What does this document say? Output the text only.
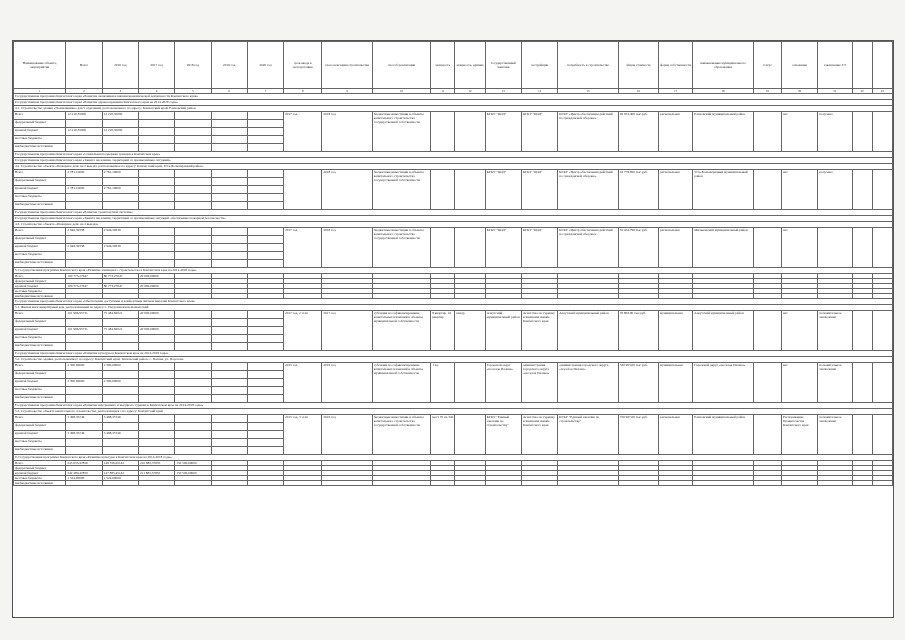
Наименование объекта, мероприятия	Всего	2016 год	2017 год	2018 год	2019 год	2020 год	срок ввода в эксплуатацию	срок окончания строительства	способ реализации	мощность	мощность, единиц	государственный заказчик	застройщик	потребность в строительстве	общая стоимость	форма собственности	наименование муниципального образования	статус	основание	заключение ГЭ		
1	2	3	4	5	6	7	8	9	10	11	12	13	14	15	16	17	18	19	20	21	22	23
Государственная программа Камчатского края «Развитие экономики и внешнеэкономической деятельности Камчатского края»																						
Государственная программа Камчатского края «Развитие здравоохранения Камчатского края на 2014-2020 годы»																						
4.1. Строительство здания «Поликлиника» для 5 отделений, расположенного по адресу: Камчатский край, Елизовский район																						
Всего	12 210,35000	12 210,35000					2017 год	2018 год	бюджетные инвестиции в объекты капитального строительства государственной собственности			КГКУ "ЦОД"	КГКУ "ЦОД"	КГКУ «Центр обеспечения действий по гражданской обороне»	49 033,400 тыс.руб.	региональная	Елизовский муниципальный район		нет	получено		
федеральный бюджет																						
краевой бюджет	12 210,35000	12 210,35000																				
местные бюджеты																						
внебюджетные источники																						
Государственная программа Камчатского края «Социальная поддержка граждан в Камчатском крае»																						
Государственная программа Камчатского края «Защита населения, территорий от чрезвычайных ситуаций»																						
4.2. Строительство объекта «Пожарное депо на 2 выезда, расположенное по адресу: Камчатский край, Усть-Большерецкий район»																						
Всего	2 781,10000	2 781,10000						2018 год	бюджетные инвестиции в объекты капитального строительства государственной собственности			КГКУ "ЦОД"	КГКУ "ЦОД"	КГКУ «Центр обеспечения действий по гражданской обороне»	43 779,850 тыс.руб.	региональная	Усть-Большерецкий муниципальный район		нет	получено		
федеральный бюджет																						
краевой бюджет	2 781,10000	2 781,10000																				
местные бюджеты																						
внебюджетные источники																						
Государственная программа Камчатского края «Развитие транспортной системы»																						
Государственная программа Камчатского края «Защита населения, территорий от чрезвычайных ситуаций, обеспечение пожарной безопасности»																						
4.3. Строительство объекта «Пожарное депо на 2 выезда»																						
Всего	2 946,39338	2 946,39338					2017 год	2018 год	бюджетные инвестиции в объекты капитального строительства государственной собственности			КГКУ "ЦОД"	КГКУ "ЦОД"	КГКУ «Центр обеспечения действий по гражданской обороне»	55 432,790 тыс.руб.	региональная	Мильковский муниципальный район		нет			
федеральный бюджет																						
краевой бюджет	2 946,39338	2 946,39338																				
местные бюджеты																						
внебюджетные источники																						
5. Государственная программа Камчатского края «Развитие жилищного строительства в Камчатском крае на 2014-2018 годы»																						
Всего	100 773,27647	80 773,27647	20 000,00000																			
федеральный бюджет																						
краевой бюджет	100 773,27647	80 773,27647	20 000,00000																			
местные бюджеты																						
внебюджетные источники																						
Государственная программа Камчатского края «Обеспечение доступным и комфортным жильем жителей Камчатского края»																						
5.1. Жилой многоквартирный дом, расположенный по адресу: г. Петропавловск-Камчатский																						
Всего	101 996,95731	75 484,82021	20 000,00000				2017 год, 2 этап	2017 год	субсидии на софинансирование капитальных вложений в объекты муниципальной собственности	8 квартир, 16 квартир	квадр	Алеутский муниципальный район	Агентство по туризму и внешним связям Камчатского края	Алеутский муниципальный район	76 863,00 тыс.руб.	муниципальная	Алеутский муниципальный район		нет	положительное заключение		
федеральный бюджет																						
краевой бюджет	101 996,95731	75 484,82021	20 000,00000																			
местные бюджеты																						
внебюджетные источники																						
Государственная программа Камчатского края «Развитие культуры в Камчатском крае на 2014-2018 годы»																						
5.2. Строительство здания, расположенного по адресу: Камчатский край, Тигильский район, с. Палана, ул. Поротова																						
Всего	2 300,00000	2 300,00000					2015 год	2016 год	субсидии на софинансирование капитальных вложений в объекты муниципальной собственности	1 ед.		Городской округ «поселок Палана»	администрация городского округа «поселок Палана»	администрация городского округа «поселок Палана»	330 903,00 тыс.руб.	муниципальная	Городской округ «поселок Палана»		нет	положительное заключение		
федеральный бюджет																						
краевой бюджет	2 300,00000	2 300,00000																				
местные бюджеты																						
внебюджетные источники																						
Государственная программа Камчатского края «Развитие внутреннего и въездного туризма в Камчатском крае на 2014-2018 годы»																						
5.3. Строительство объекта капитального строительства, расположенного по адресу: Камчатский край																						
Всего	3 498,35746	3 498,35746					2015 год, 3 этап	2016 год	бюджетные инвестиции в объекты капитального строительства государственной собственности	мест 70 на 340		КГКУ "Единый заказчик по строительству"	Агентство по туризму и внешним связям Камчатского края	КГКУ "Единый заказчик по строительству"	750 967,00 тыс.руб.	региональная	Елизовский муниципальный район		Распоряжение Правительства Камчатского края	положительное заключение		
федеральный бюджет																						
краевой бюджет	3 498,35746	3 498,35746																				
местные бюджеты																						
внебюджетные источники																						
6. Государственная программа Камчатского края «Развитие культуры в Камчатском крае на 2014-2018 годы»																						
Всего	243 055,47850	149 356,45142	210 883,57835	150 500,00000																		
федеральный бюджет																						
краевой бюджет	242 480,47850	147 885,45142	211 883,57835	150 500,00000																		
местные бюджеты	1 524,00000	1 524,00000																				
внебюджетные источники																						
